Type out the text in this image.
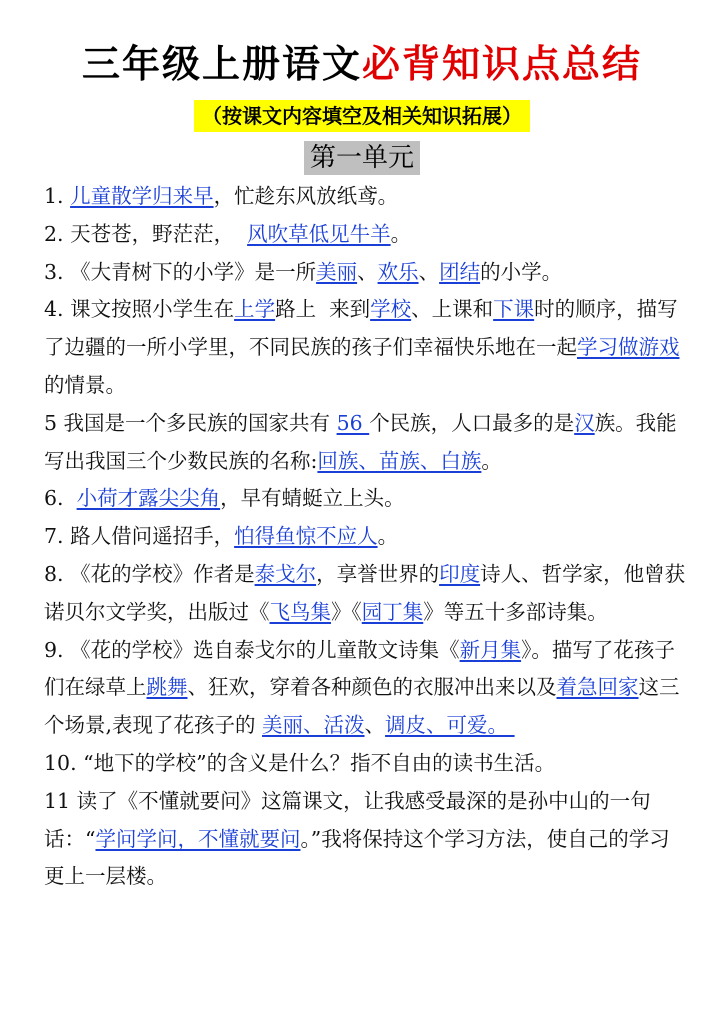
三年级上册语文必背知识点总结
（按课文内容填空及相关知识拓展）
第一单元

1. 儿童散学归来早，忙趁东风放纸鸢。

2. 天苍苍，野茫茫，  风吹草低见牛羊。

3. 《大青树下的小学》是一所美丽、欢乐、团结的小学。

4. 课文按照小学生在上学路上  来到学校、上课和下课时的顺序，描写了边疆的一所小学里，不同民族的孩子们幸福快乐地在一起学习做游戏的情景。

5 我国是一个多民族的国家共有 56 个民族，人口最多的是汉族。我能写出我国三个少数民族的名称:回族、苗族、白族。

6.  小荷才露尖尖角，早有蜻蜓立上头。

7. 路人借问遥招手，怕得鱼惊不应人。

8. 《花的学校》作者是泰戈尔，享誉世界的印度诗人、哲学家，他曾获诺贝尔文学奖，出版过《飞鸟集》《园丁集》等五十多部诗集。

9. 《花的学校》选自泰戈尔的儿童散文诗集《新月集》。描写了花孩子们在绿草上跳舞、狂欢，穿着各种颜色的衣服冲出来以及着急回家这三个场景,表现了花孩子的 美丽、活泼、调皮、可爱。

10. “地下的学校”的含义是什么？指不自由的读书生活。

11 读了《不懂就要问》这篇课文，让我感受最深的是孙中山的一句话：“学问学问，不懂就要问。”我将保持这个学习方法，使自己的学习更上一层楼。
